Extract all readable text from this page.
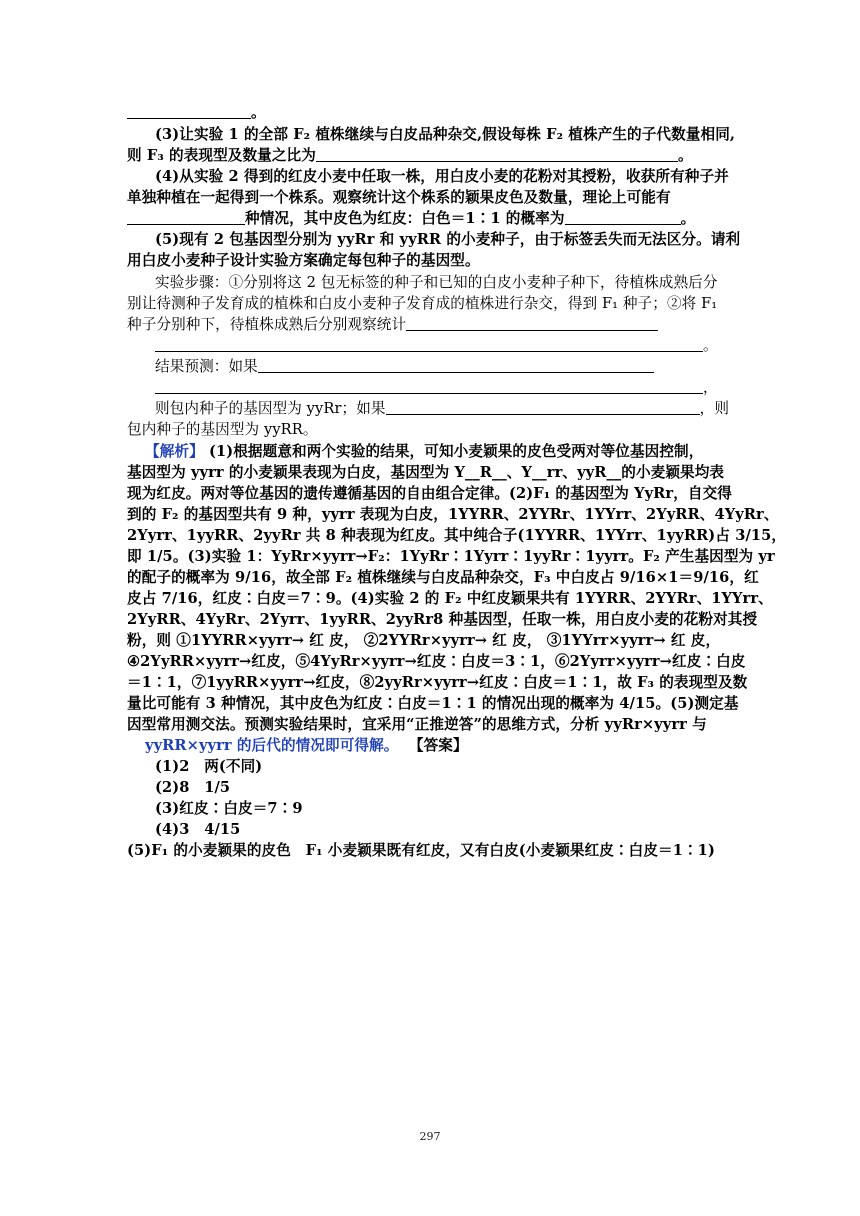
。
(3)让实验 1 的全部 F₂ 植株继续与白皮品种杂交,假设每株 F₂ 植株产生的子代数量相同,
则 F₃ 的表现型及数量之比为	。
(4)从实验 2 得到的红皮小麦中任取一株，用白皮小麦的花粉对其授粉，收获所有种子并
单独种植在一起得到一个株系。观察统计这个株系的颖果皮色及数量，理论上可能有
种情况，其中皮色为红皮：白色＝1∶1 的概率为	。
(5)现有 2 包基因型分别为 yyRr 和 yyRR 的小麦种子，由于标签丢失而无法区分。请利
用白皮小麦种子设计实验方案确定每包种子的基因型。
实验步骤：①分别将这 2 包无标签的种子和已知的白皮小麦种子种下，待植株成熟后分
别让待测种子发育成的植株和白皮小麦种子发育成的植株进行杂交，得到 F₁ 种子；②将 F₁
种子分别种下，待植株成熟后分别观察统计
。
结果预测：如果
，
则包内种子的基因型为 yyRr；如果	，则
包内种子的基因型为 yyRR。
【解析】 (1)根据题意和两个实验的结果，可知小麦颖果的皮色受两对等位基因控制，
基因型为 yyrr 的小麦颖果表现为白皮，基因型为 Y__R__、Y__rr、yyR__的小麦颖果均表
现为红皮。两对等位基因的遗传遵循基因的自由组合定律。(2)F₁ 的基因型为 YyRr，自交得
到的 F₂ 的基因型共有 9 种，yyrr 表现为白皮，1YYRR、2YYRr、1YYrr、2YyRR、4YyRr、
2Yyrr、1yyRR、2yyRr 共 8 种表现为红皮。其中纯合子(1YYRR、1YYrr、1yyRR)占 3/15，
即 1/5。(3)实验 1：YyRr×yyrr→F₂：1YyRr∶1Yyrr∶1yyRr∶1yyrr。F₂ 产生基因型为 yr
的配子的概率为 9/16，故全部 F₂ 植株继续与白皮品种杂交，F₃ 中白皮占 9/16×1＝9/16，红
皮占 7/16，红皮∶白皮＝7∶9。(4)实验 2 的 F₂ 中红皮颖果共有 1YYRR、2YYRr、1YYrr、
2YyRR、4YyRr、2Yyrr、1yyRR、2yyRr8 种基因型，任取一株，用白皮小麦的花粉对其授
粉，则 ①1YYRR×yyrr→ 红 皮， ②2YYRr×yyrr→ 红 皮， ③1YYrr×yyrr→ 红 皮，
④2YyRR×yyrr→红皮，⑤4YyRr×yyrr→红皮∶白皮＝3∶1，⑥2Yyrr×yyrr→红皮∶白皮
＝1∶1，⑦1yyRR×yyrr→红皮，⑧2yyRr×yyrr→红皮∶白皮＝1∶1，故 F₃ 的表现型及数
量比可能有 3 种情况，其中皮色为红皮∶白皮＝1∶1 的情况出现的概率为 4/15。(5)测定基
因型常用测交法。预测实验结果时，宜采用“正推逆答”的思维方式，分析 yyRr×yyrr 与
yyRR×yyrr 的后代的情况即可得解。 【答案】
(1)2　两(不同)
(2)8　1/5
(3)红皮∶白皮＝7∶9
(4)3　4/15
(5)F₁ 的小麦颖果的皮色　F₁ 小麦颖果既有红皮，又有白皮(小麦颖果红皮∶白皮＝1∶1)
297
